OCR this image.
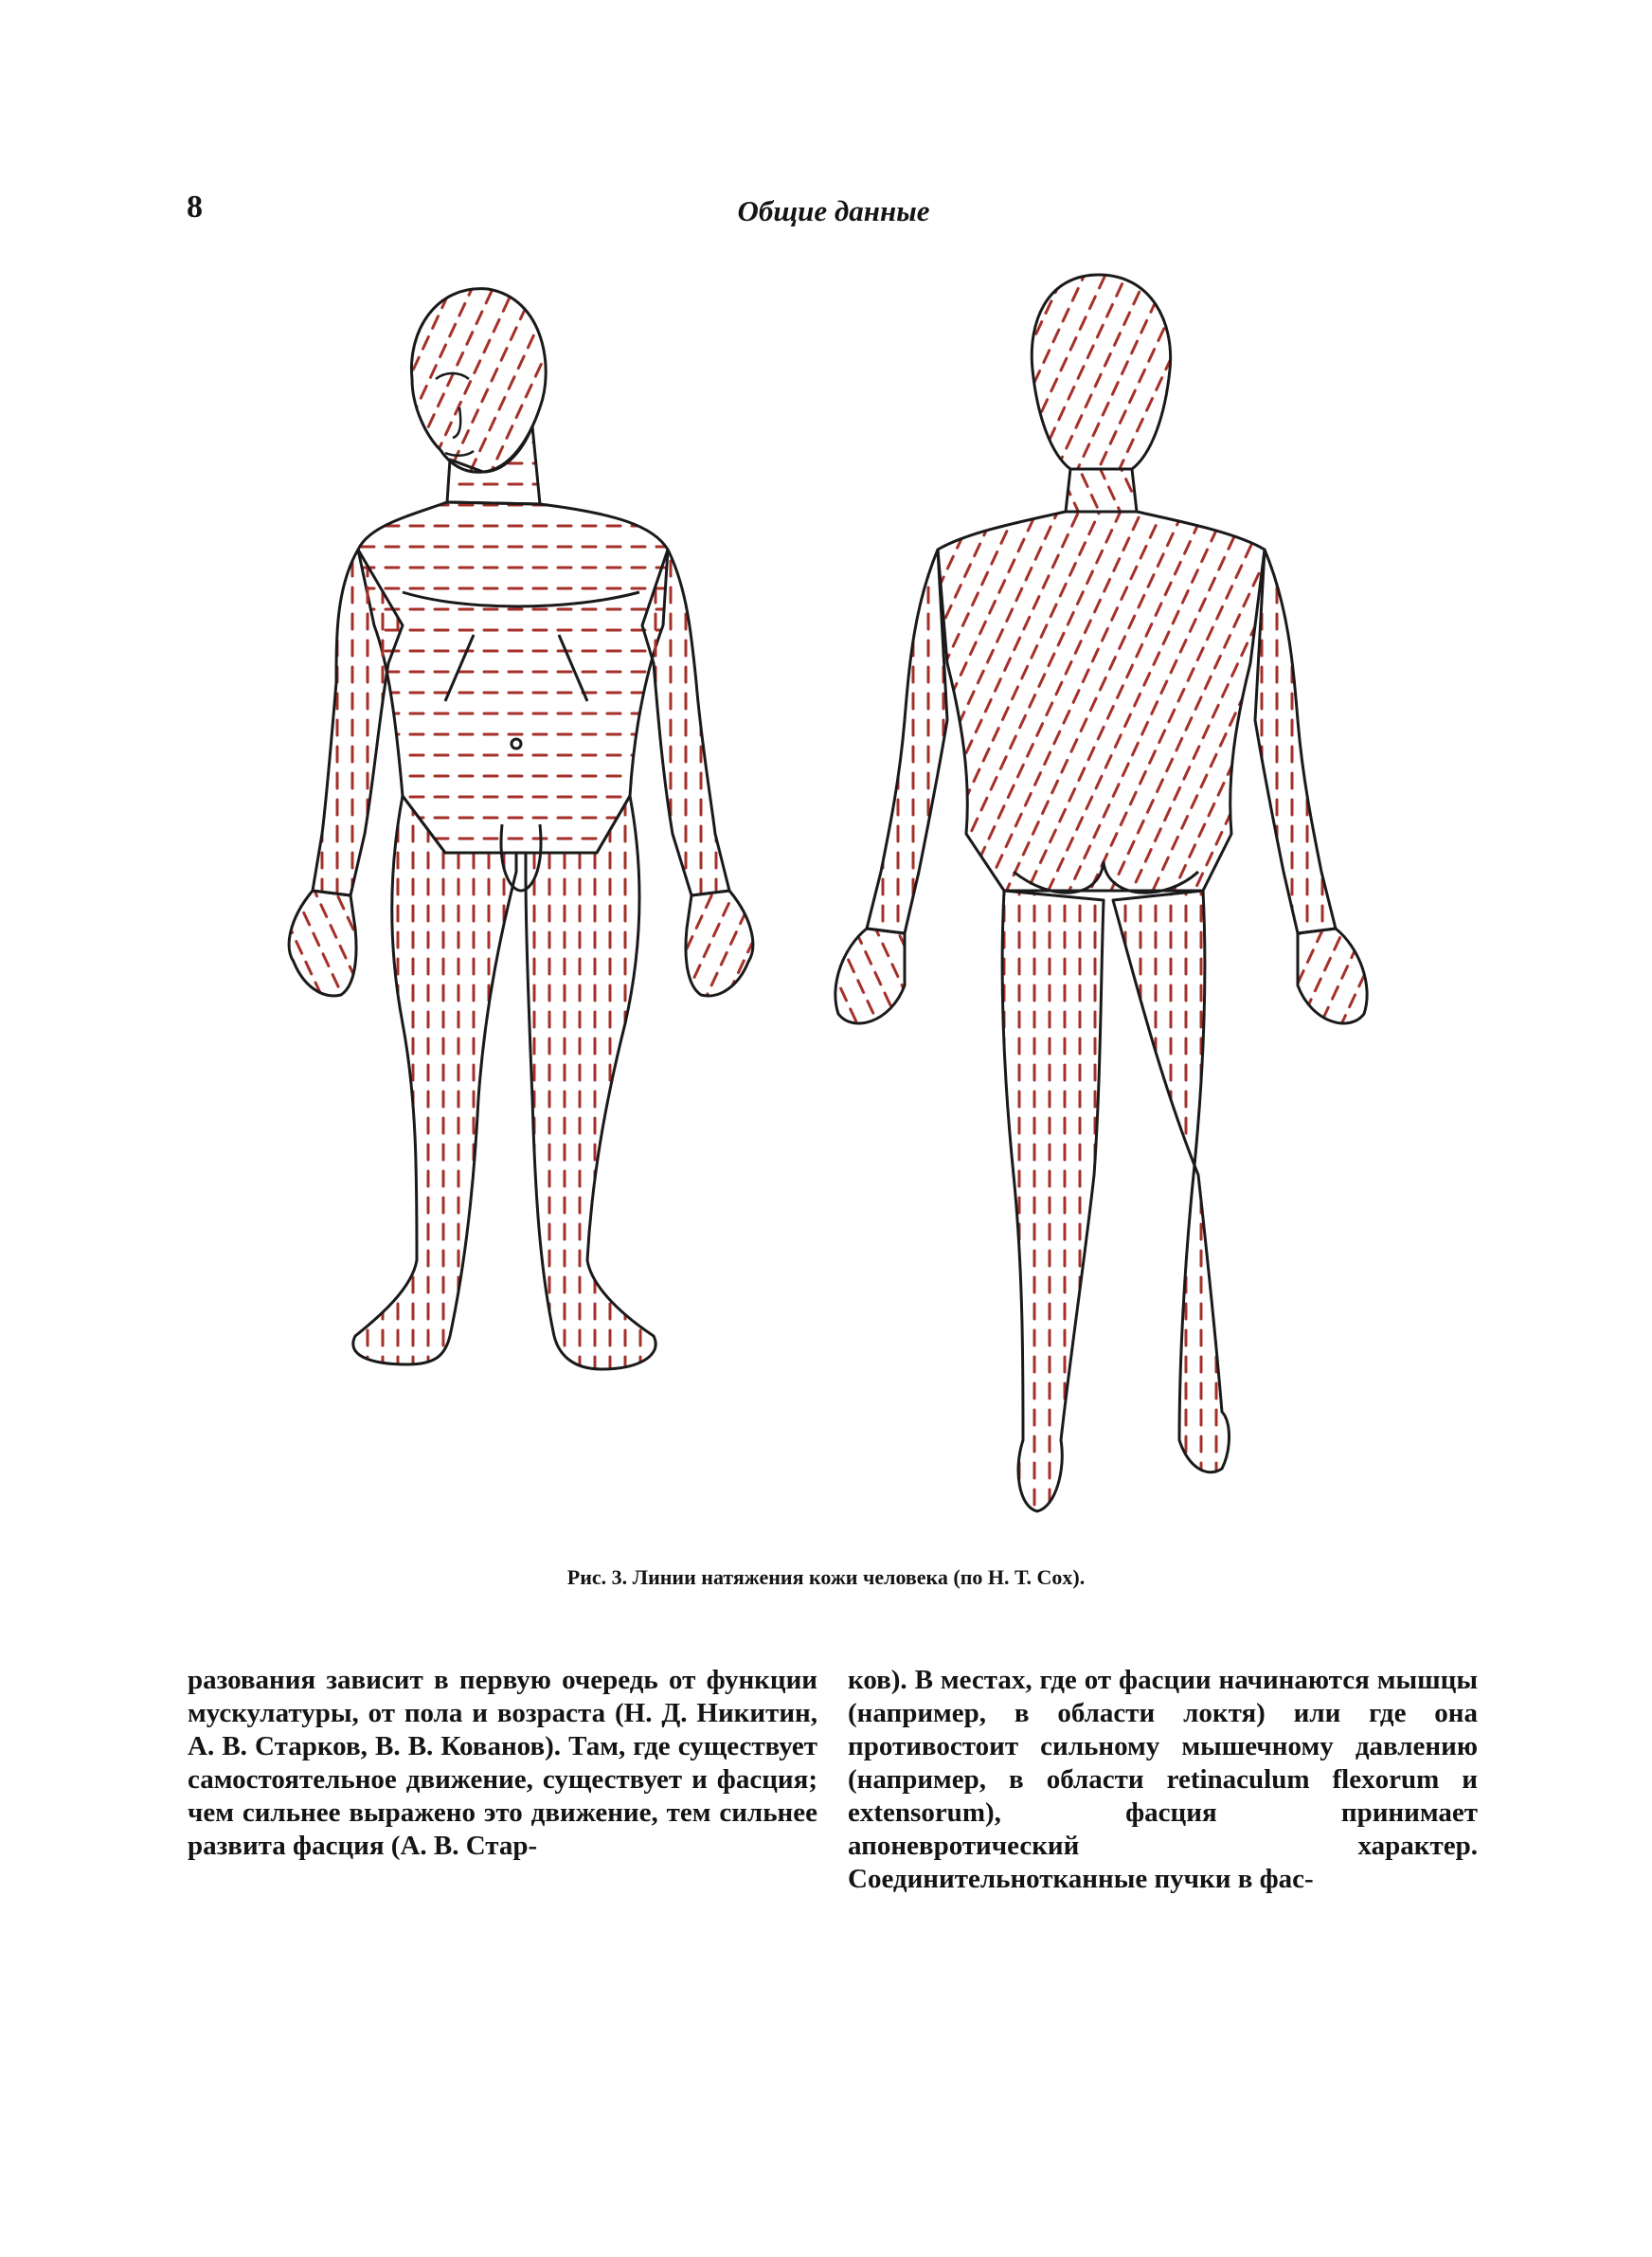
8	Общие данные
Рис. 3. Линии натяжения кожи человека (по Н. Т. Cox).

разования зависит в первую очередь от функции мускулатуры, от пола и возраста (Н. Д. Никитин, А. В. Старков, В. В. Кованов). Там, где существует самостоятельное движение, существует и фасция; чем сильнее выражено это движение, тем сильнее развита фасция (А. В. Стар-

ков). В местах, где от фасции начинаются мышцы (например, в области локтя) или где она противостоит сильному мышечному давлению (например, в области retinaculum flexorum и extensorum), фасция принимает апоневротический характер. Соединительнотканные пучки в фас-
